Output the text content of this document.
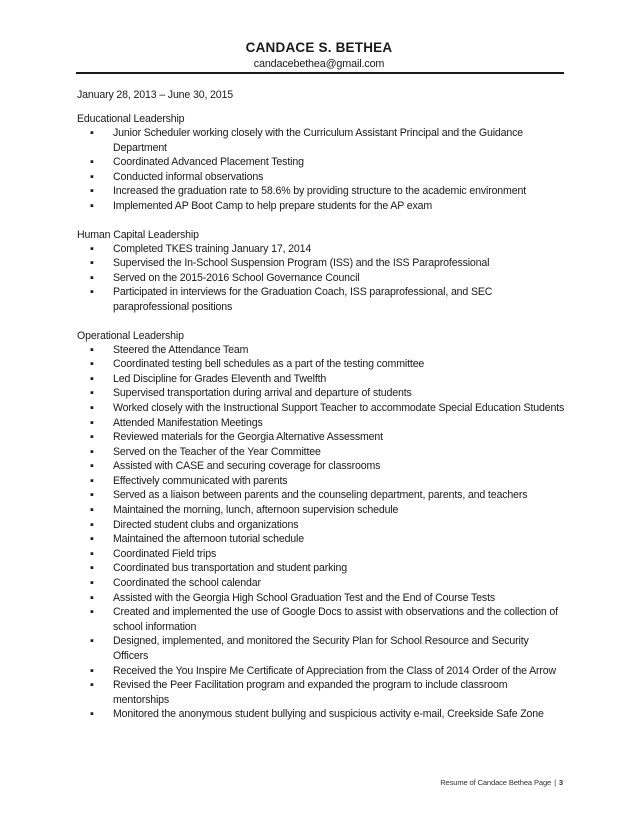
CANDACE S. BETHEA
candacebethea@gmail.com
January 28, 2013 – June 30, 2015
Educational Leadership
▪ Junior Scheduler working closely with the Curriculum Assistant Principal and the Guidance Department
▪ Coordinated Advanced Placement Testing
▪ Conducted informal observations
▪ Increased the graduation rate to 58.6% by providing structure to the academic environment
▪ Implemented AP Boot Camp to help prepare students for the AP exam
Human Capital Leadership
▪ Completed TKES training January 17, 2014
▪ Supervised the In-School Suspension Program (ISS) and the ISS Paraprofessional
▪ Served on the 2015-2016 School Governance Council
▪ Participated in interviews for the Graduation Coach, ISS paraprofessional, and SEC paraprofessional positions
Operational Leadership
▪ Steered the Attendance Team
▪ Coordinated testing bell schedules as a part of the testing committee
▪ Led Discipline for Grades Eleventh and Twelfth
▪ Supervised transportation during arrival and departure of students
▪ Worked closely with the Instructional Support Teacher to accommodate Special Education Students
▪ Attended Manifestation Meetings
▪ Reviewed materials for the Georgia Alternative Assessment
▪ Served on the Teacher of the Year Committee
▪ Assisted with CASE and securing coverage for classrooms
▪ Effectively communicated with parents
▪ Served as a liaison between parents and the counseling department, parents, and teachers
▪ Maintained the morning, lunch, afternoon supervision schedule
▪ Directed student clubs and organizations
▪ Maintained the afternoon tutorial schedule
▪ Coordinated Field trips
▪ Coordinated bus transportation and student parking
▪ Coordinated the school calendar
▪ Assisted with the Georgia High School Graduation Test and the End of Course Tests
▪ Created and implemented the use of Google Docs to assist with observations and the collection of school information
▪ Designed, implemented, and monitored the Security Plan for School Resource and Security Officers
▪ Received the You Inspire Me Certificate of Appreciation from the Class of 2014 Order of the Arrow
▪ Revised the Peer Facilitation program and expanded the program to include classroom mentorships
▪ Monitored the anonymous student bullying and suspicious activity e-mail, Creekside Safe Zone
Resume of Candace Bethea Page | 3
